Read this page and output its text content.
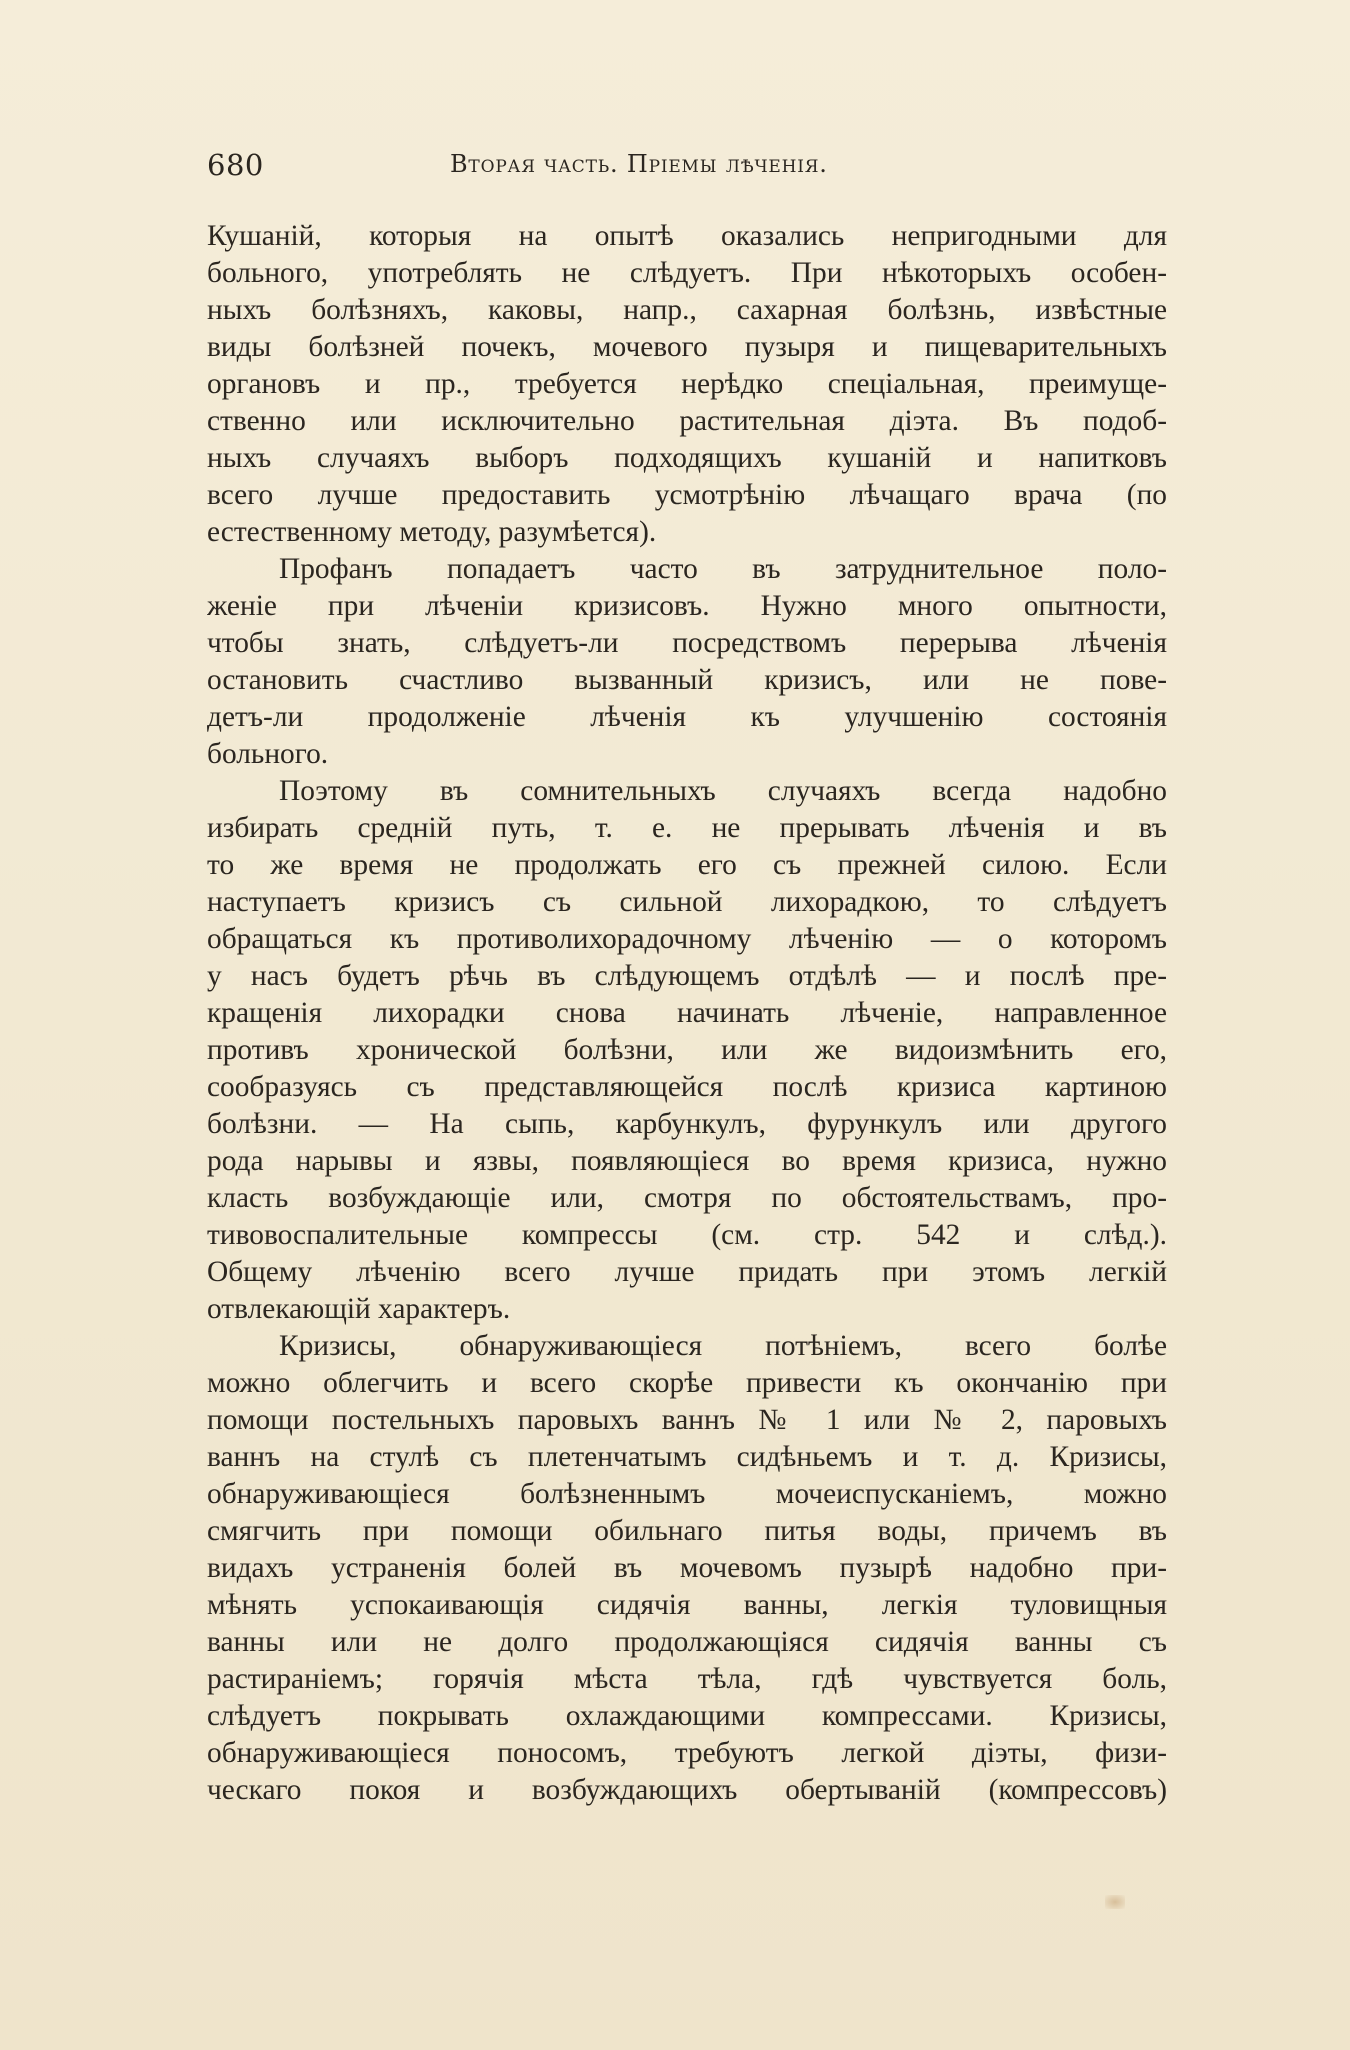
680	Вторая часть. Пріемы лѣченія.
Кушаній, которыя на опытѣ оказались непригодными для
больного, употреблять не слѣдуетъ. При нѣкоторыхъ особен-
ныхъ болѣзняхъ, каковы, напр., сахарная болѣзнь, извѣстные
виды болѣзней почекъ, мочевого пузыря и пищеварительныхъ
органовъ и пр., требуется нерѣдко спеціальная, преимуще-
ственно или исключительно растительная діэта. Въ подоб-
ныхъ случаяхъ выборъ подходящихъ кушаній и напитковъ
всего лучше предоставить усмотрѣнію лѣчащаго врача (по
естественному методу, разумѣется).
Профанъ попадаетъ часто въ затруднительное поло-
женіе при лѣченіи кризисовъ. Нужно много опытности,
чтобы знать, слѣдуетъ-ли посредствомъ перерыва лѣченія
остановить счастливо вызванный кризисъ, или не пове-
детъ-ли продолженіе лѣченія къ улучшенію состоянія
больного.
Поэтому въ сомнительныхъ случаяхъ всегда надобно
избирать средній путь, т. е. не прерывать лѣченія и въ
то же время не продолжать его съ прежней силою. Если
наступаетъ кризисъ съ сильной лихорадкою, то слѣдуетъ
обращаться къ противолихорадочному лѣченію — о которомъ
у насъ будетъ рѣчь въ слѣдующемъ отдѣлѣ — и послѣ пре-
кращенія лихорадки снова начинать лѣченіе, направленное
противъ хронической болѣзни, или же видоизмѣнить его,
сообразуясь съ представляющейся послѣ кризиса картиною
болѣзни. — На сыпь, карбункулъ, фурункулъ или другого
рода нарывы и язвы, появляющіеся во время кризиса, нужно
класть возбуждающіе или, смотря по обстоятельствамъ, про-
тивовоспалительные компрессы (см. стр. 542 и слѣд.).
Общему лѣченію всего лучше придать при этомъ легкій
отвлекающій характеръ.
Кризисы, обнаруживающіеся потѣніемъ, всего болѣе
можно облегчить и всего скорѣе привести къ окончанію при
помощи постельныхъ паровыхъ ваннъ № 1 или № 2, паровыхъ
ваннъ на стулѣ съ плетенчатымъ сидѣньемъ и т. д. Кризисы,
обнаруживающіеся болѣзненнымъ мочеиспусканіемъ, можно
смягчить при помощи обильнаго питья воды, причемъ въ
видахъ устраненія болей въ мочевомъ пузырѣ надобно при-
мѣнять успокаивающія сидячія ванны, легкія туловищныя
ванны или не долго продолжающіяся сидячія ванны съ
растираніемъ; горячія мѣста тѣла, гдѣ чувствуется боль,
слѣдуетъ покрывать охлаждающими компрессами. Кризисы,
обнаруживающіеся поносомъ, требуютъ легкой діэты, физи-
ческаго покоя и возбуждающихъ обертываній (компрессовъ)
